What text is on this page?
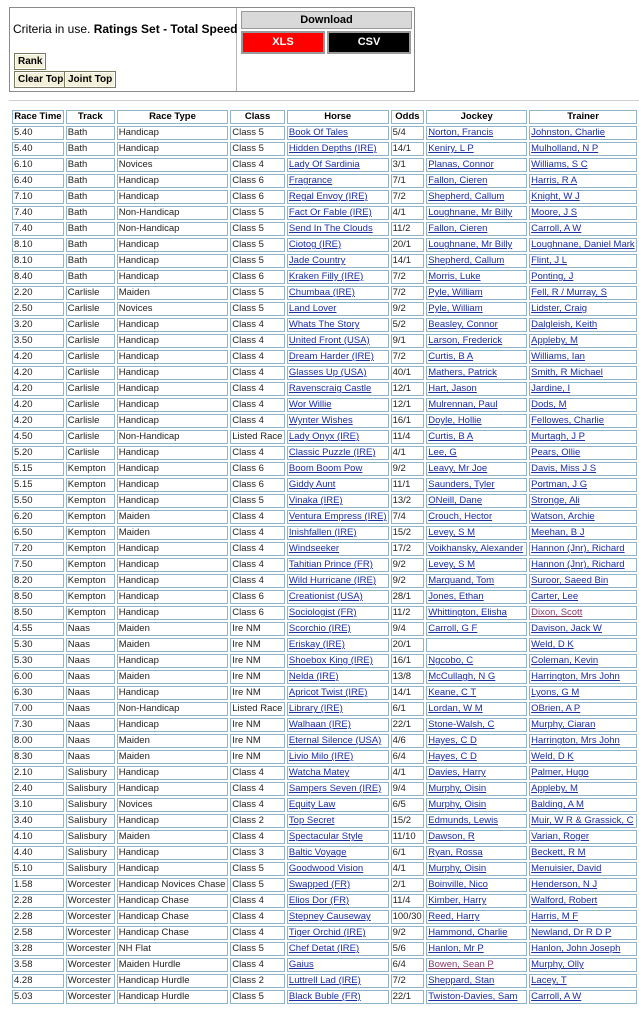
Criteria in use. Ratings Set - Total Speed
Rank
Clear Top Joint Top
Download
XLS	CSV
Race Time	Track	Race Type	Class	Horse	Odds	Jockey	Trainer
5.40	Bath	Handicap	Class 5	Book Of Tales	5/4	Norton, Francis	Johnston, Charlie
5.40	Bath	Handicap	Class 5	Hidden Depths (IRE)	14/1	Keniry, L P	Mulholland, N P
6.10	Bath	Novices	Class 4	Lady Of Sardinia	3/1	Planas, Connor	Williams, S C
6.40	Bath	Handicap	Class 6	Fragrance	7/1	Fallon, Cieren	Harris, R A
7.10	Bath	Handicap	Class 6	Regal Envoy (IRE)	7/2	Shepherd, Callum	Knight, W J
7.40	Bath	Non-Handicap	Class 5	Fact Or Fable (IRE)	4/1	Loughnane, Mr Billy	Moore, J S
7.40	Bath	Non-Handicap	Class 5	Send In The Clouds	11/2	Fallon, Cieren	Carroll, A W
8.10	Bath	Handicap	Class 5	Ciotog (IRE)	20/1	Loughnane, Mr Billy	Loughnane, Daniel Mark
8.10	Bath	Handicap	Class 5	Jade Country	14/1	Shepherd, Callum	Flint, J L
8.40	Bath	Handicap	Class 6	Kraken Filly (IRE)	7/2	Morris, Luke	Ponting, J
2.20	Carlisle	Maiden	Class 5	Chumbaa (IRE)	7/2	Pyle, William	Fell, R / Murray, S
2.50	Carlisle	Novices	Class 5	Land Lover	9/2	Pyle, William	Lidster, Craig
3.20	Carlisle	Handicap	Class 4	Whats The Story	5/2	Beasley, Connor	Dalgleish, Keith
3.50	Carlisle	Handicap	Class 4	United Front (USA)	9/1	Larson, Frederick	Appleby, M
4.20	Carlisle	Handicap	Class 4	Dream Harder (IRE)	7/2	Curtis, B A	Williams, Ian
4.20	Carlisle	Handicap	Class 4	Glasses Up (USA)	40/1	Mathers, Patrick	Smith, R Michael
4.20	Carlisle	Handicap	Class 4	Ravenscraig Castle	12/1	Hart, Jason	Jardine, I
4.20	Carlisle	Handicap	Class 4	Wor Willie	12/1	Mulrennan, Paul	Dods, M
4.20	Carlisle	Handicap	Class 4	Wynter Wishes	16/1	Doyle, Hollie	Fellowes, Charlie
4.50	Carlisle	Non-Handicap	Listed Race	Lady Onyx (IRE)	11/4	Curtis, B A	Murtagh, J P
5.20	Carlisle	Handicap	Class 4	Classic Puzzle (IRE)	4/1	Lee, G	Pears, Ollie
5.15	Kempton	Handicap	Class 6	Boom Boom Pow	9/2	Leavy, Mr Joe	Davis, Miss J S
5.15	Kempton	Handicap	Class 6	Giddy Aunt	11/1	Saunders, Tyler	Portman, J G
5.50	Kempton	Handicap	Class 5	Vinaka (IRE)	13/2	ONeill, Dane	Stronge, Ali
6.20	Kempton	Maiden	Class 4	Ventura Empress (IRE)	7/4	Crouch, Hector	Watson, Archie
6.50	Kempton	Maiden	Class 4	Inishfallen (IRE)	15/2	Levey, S M	Meehan, B J
7.20	Kempton	Handicap	Class 4	Windseeker	17/2	Voikhansky, Alexander	Hannon (Jnr), Richard
7.50	Kempton	Handicap	Class 4	Tahitian Prince (FR)	9/2	Levey, S M	Hannon (Jnr), Richard
8.20	Kempton	Handicap	Class 4	Wild Hurricane (IRE)	9/2	Marquand, Tom	Suroor, Saeed Bin
8.50	Kempton	Handicap	Class 6	Creationist (USA)	28/1	Jones, Ethan	Carter, Lee
8.50	Kempton	Handicap	Class 6	Sociologist (FR)	11/2	Whittington, Elisha	Dixon, Scott
4.55	Naas	Maiden	Ire NM	Scorchio (IRE)	9/4	Carroll, G F	Davison, Jack W
5.30	Naas	Maiden	Ire NM	Eriskay (IRE)	20/1		Weld, D K
5.30	Naas	Handicap	Ire NM	Shoebox King (IRE)	16/1	Ngcobo, C	Coleman, Kevin
6.00	Naas	Maiden	Ire NM	Nelda (IRE)	13/8	McCullagh, N G	Harrington, Mrs John
6.30	Naas	Handicap	Ire NM	Apricot Twist (IRE)	14/1	Keane, C T	Lyons, G M
7.00	Naas	Non-Handicap	Listed Race	Library (IRE)	6/1	Lordan, W M	OBrien, A P
7.30	Naas	Handicap	Ire NM	Walhaan (IRE)	22/1	Stone-Walsh, C	Murphy, Ciaran
8.00	Naas	Maiden	Ire NM	Eternal Silence (USA)	4/6	Hayes, C D	Harrington, Mrs John
8.30	Naas	Maiden	Ire NM	Livio Milo (IRE)	6/4	Hayes, C D	Weld, D K
2.10	Salisbury	Handicap	Class 4	Watcha Matey	4/1	Davies, Harry	Palmer, Hugo
2.40	Salisbury	Handicap	Class 4	Sampers Seven (IRE)	9/4	Murphy, Oisin	Appleby, M
3.10	Salisbury	Novices	Class 4	Equity Law	6/5	Murphy, Oisin	Balding, A M
3.40	Salisbury	Handicap	Class 2	Top Secret	15/2	Edmunds, Lewis	Muir, W R & Grassick, C
4.10	Salisbury	Maiden	Class 4	Spectacular Style	11/10	Dawson, R	Varian, Roger
4.40	Salisbury	Handicap	Class 3	Baltic Voyage	6/1	Ryan, Rossa	Beckett, R M
5.10	Salisbury	Handicap	Class 5	Goodwood Vision	4/1	Murphy, Oisin	Menuisier, David
1.58	Worcester	Handicap Novices Chase	Class 5	Swapped (FR)	2/1	Boinville, Nico	Henderson, N J
2.28	Worcester	Handicap Chase	Class 4	Elios Dor (FR)	11/4	Kimber, Harry	Walford, Robert
2.28	Worcester	Handicap Chase	Class 4	Stepney Causeway	100/30	Reed, Harry	Harris, M F
2.58	Worcester	Handicap Chase	Class 4	Tiger Orchid (IRE)	9/2	Hammond, Charlie	Newland, Dr R D P
3.28	Worcester	NH Flat	Class 5	Chef Detat (IRE)	5/6	Hanlon, Mr P	Hanlon, John Joseph
3.58	Worcester	Maiden Hurdle	Class 4	Gaius	6/4	Bowen, Sean P	Murphy, Olly
4.28	Worcester	Handicap Hurdle	Class 2	Luttrell Lad (IRE)	7/2	Sheppard, Stan	Lacey, T
5.03	Worcester	Handicap Hurdle	Class 5	Black Buble (FR)	22/1	Twiston-Davies, Sam	Carroll, A W
